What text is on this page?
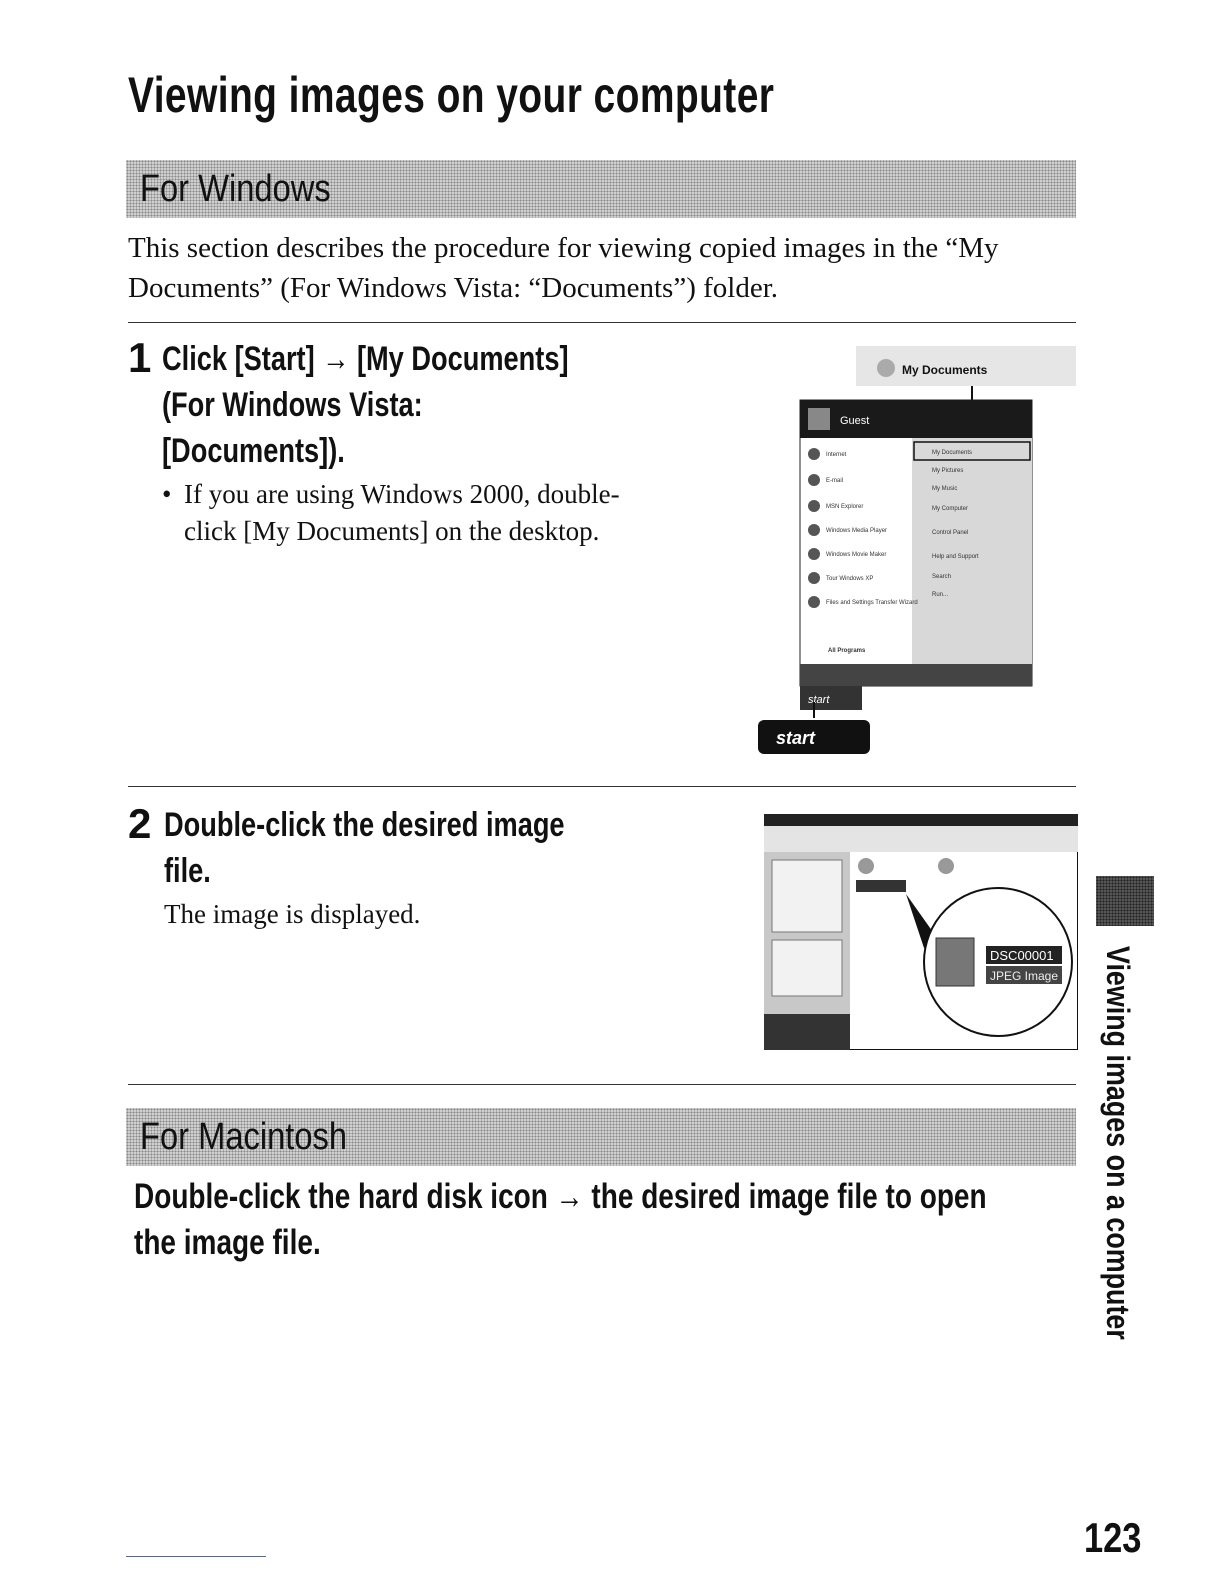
Viewing images on your computer
For Windows
This section describes the procedure for viewing copied images in the “My Documents” (For Windows Vista: “Documents”) folder.
1 Click [Start] → [My Documents]
(For Windows Vista:
[Documents]).
• If you are using Windows 2000, double-click [My Documents] on the desktop.
My Documents
Guest
Internet
E-mail
MSN Explorer
Windows Media Player
Windows Movie Maker
Tour Windows XP
Files and Settings Transfer Wizard
All Programs
My Documents
My Pictures
My Music
My Computer
Control Panel
Help and Support
Search
Run...
start
start
2 Double-click the desired image
file.
The image is displayed.
DSC00001
JPEG Image
For Macintosh
Double-click the hard disk icon → the desired image file to open
the image file.	Viewing images on a computer
123
